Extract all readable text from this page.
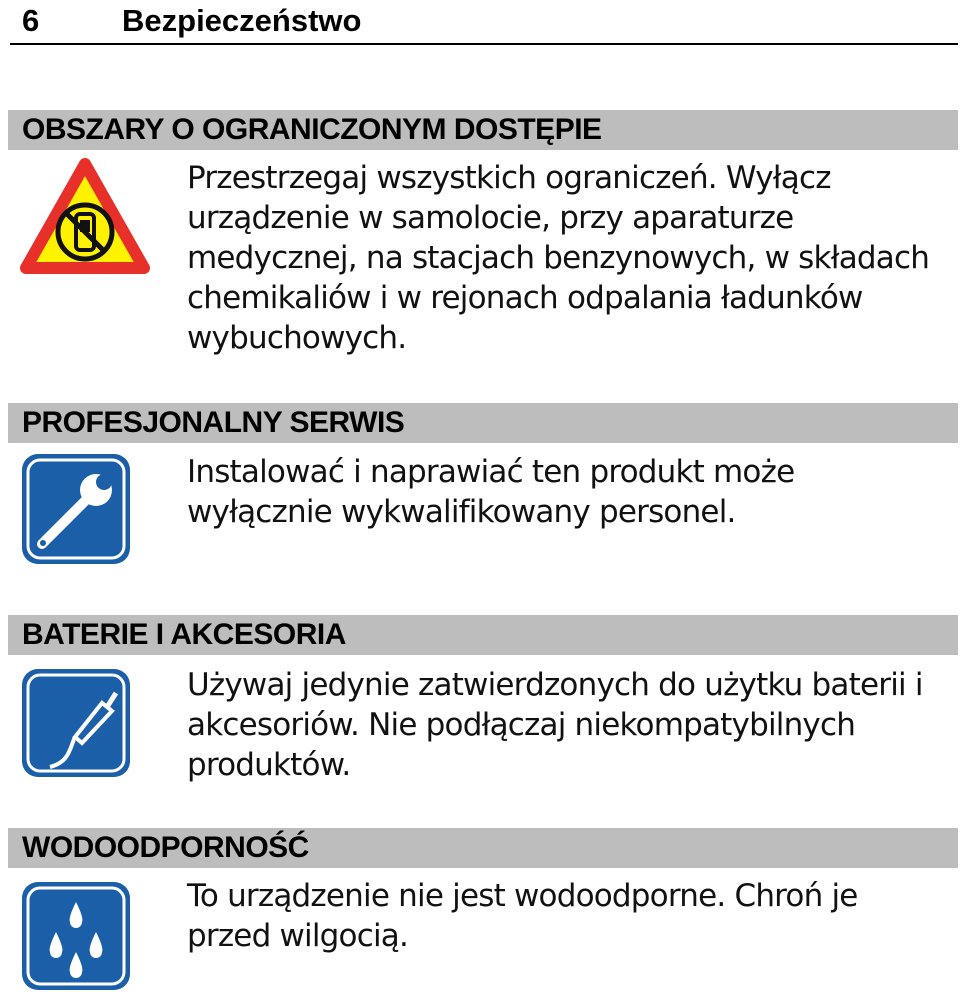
6	Bezpieczeństwo
OBSZARY O OGRANICZONYM DOSTĘPIE
Przestrzegaj wszystkich ograniczeń. Wyłącz urządzenie w samolocie, przy aparaturze medycznej, na stacjach benzynowych, w składach chemikaliów i w rejonach odpalania ładunków wybuchowych.
PROFESJONALNY SERWIS
Instalować i naprawiać ten produkt może wyłącznie wykwalifikowany personel.
BATERIE I AKCESORIA
Używaj jedynie zatwierdzonych do użytku baterii i akcesoriów. Nie podłączaj niekompatybilnych produktów.
WODOODPORNOŚĆ
To urządzenie nie jest wodoodporne. Chroń je przed wilgocią.
